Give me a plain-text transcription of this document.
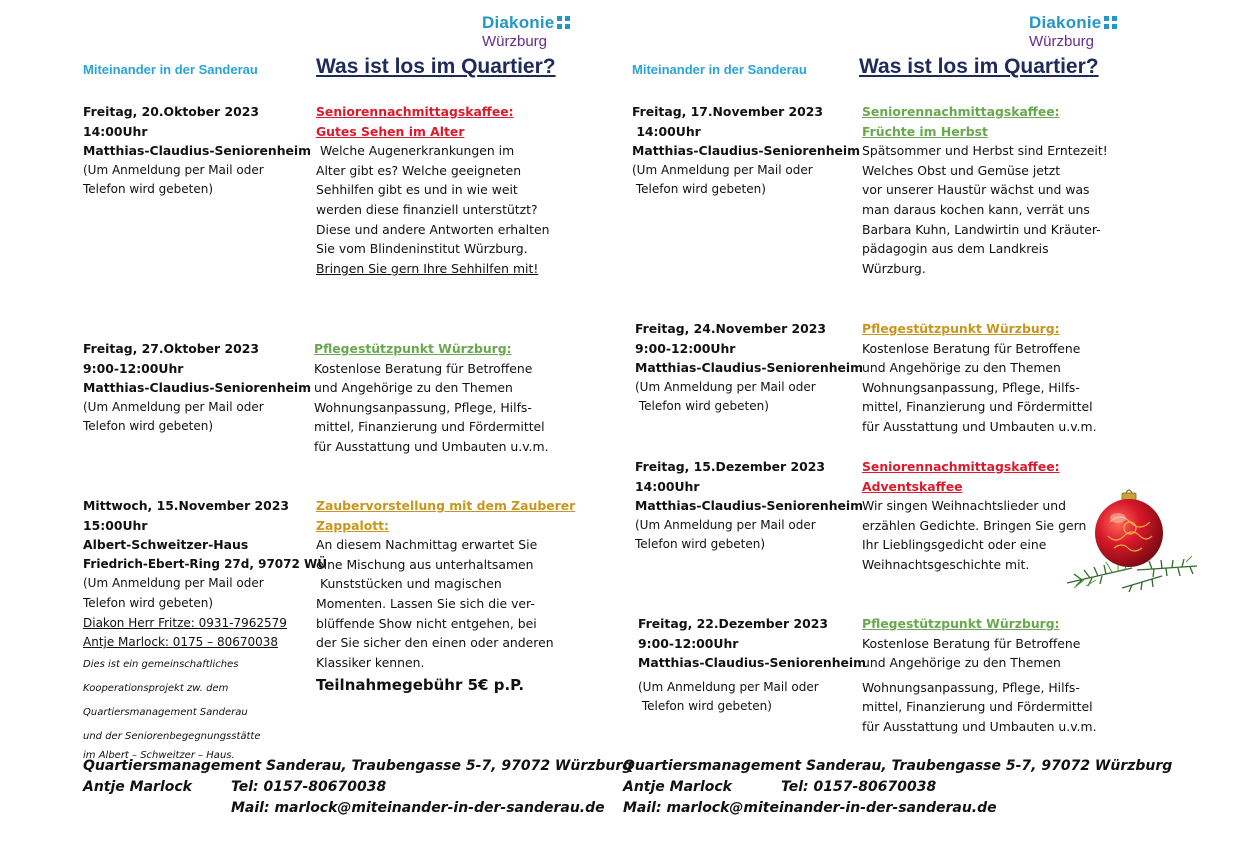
Diakonie
Würzburg
Miteinander in der Sanderau	Was ist los im Quartier?
Freitag, 20.Oktober 2023
14:00Uhr
Matthias-Claudius-Seniorenheim
(Um Anmeldung per Mail oder
Telefon wird gebeten)
Seniorennachmittagskaffee:
Gutes Sehen im Alter
Welche Augenerkrankungen im
Alter gibt es? Welche geeigneten
Sehhilfen gibt es und in wie weit
werden diese finanziell unterstützt?
Diese und andere Antworten erhalten
Sie vom Blindeninstitut Würzburg.
Bringen Sie gern Ihre Sehhilfen mit!
Freitag, 27.Oktober 2023
9:00-12:00Uhr
Matthias-Claudius-Seniorenheim
(Um Anmeldung per Mail oder
Telefon wird gebeten)
Pflegestützpunkt Würzburg:
Kostenlose Beratung für Betroffene
und Angehörige zu den Themen
Wohnungsanpassung, Pflege, Hilfs-
mittel, Finanzierung und Fördermittel
für Ausstattung und Umbauten u.v.m.
Mittwoch, 15.November 2023
15:00Uhr
Albert-Schweitzer-Haus
Friedrich-Ebert-Ring 27d, 97072 WÜ
(Um Anmeldung per Mail oder
Telefon wird gebeten)
Diakon Herr Fritze: 0931-7962579
Antje Marlock: 0175 – 80670038
Dies ist ein gemeinschaftliches
Kooperationsprojekt zw. dem
Quartiersmanagement Sanderau
und der Seniorenbegegnungsstätte
im Albert – Schweitzer – Haus.
Zaubervorstellung mit dem Zauberer
Zappalott:
An diesem Nachmittag erwartet Sie
eine Mischung aus unterhaltsamen
Kunststücken und magischen
Momenten. Lassen Sie sich die ver-
blüffende Show nicht entgehen, bei
der Sie sicher den einen oder anderen
Klassiker kennen.
Teilnahmegebühr 5€ p.P.
Quartiersmanagement Sanderau, Traubengasse 5-7, 97072 Würzburg
Antje Marlock	Tel: 0157-80670038
Mail: marlock@miteinander-in-der-sanderau.de
Diakonie
Würzburg
Miteinander in der Sanderau Was ist los im Quartier?
Freitag, 17.November 2023
14:00Uhr
Matthias-Claudius-Seniorenheim
(Um Anmeldung per Mail oder
Telefon wird gebeten)
Seniorennachmittagskaffee:
Früchte im Herbst
Spätsommer und Herbst sind Erntezeit!
Welches Obst und Gemüse jetzt
vor unserer Haustür wächst und was
man daraus kochen kann, verrät uns
Barbara Kuhn, Landwirtin und Kräuter-
pädagogin aus dem Landkreis
Würzburg.
Freitag, 24.November 2023
9:00-12:00Uhr
Matthias-Claudius-Seniorenheim
(Um Anmeldung per Mail oder
Telefon wird gebeten)
Pflegestützpunkt Würzburg:
Kostenlose Beratung für Betroffene
und Angehörige zu den Themen
Wohnungsanpassung, Pflege, Hilfs-
mittel, Finanzierung und Fördermittel
für Ausstattung und Umbauten u.v.m.
Freitag, 15.Dezember 2023
14:00Uhr
Matthias-Claudius-Seniorenheim
(Um Anmeldung per Mail oder
Telefon wird gebeten)
Seniorennachmittagskaffee:
Adventskaffee
Wir singen Weihnachtslieder und
erzählen Gedichte. Bringen Sie gern
Ihr Lieblingsgedicht oder eine
Weihnachtsgeschichte mit.
Freitag, 22.Dezember 2023
9:00-12:00Uhr
Matthias-Claudius-Seniorenheim
(Um Anmeldung per Mail oder
Telefon wird gebeten)
Pflegestützpunkt Würzburg:
Kostenlose Beratung für Betroffene
und Angehörige zu den Themen
Wohnungsanpassung, Pflege, Hilfs-
mittel, Finanzierung und Fördermittel
für Ausstattung und Umbauten u.v.m.
Quartiersmanagement Sanderau, Traubengasse 5-7, 97072 Würzburg
Antje Marlock	Tel: 0157-80670038
Mail: marlock@miteinander-in-der-sanderau.de
